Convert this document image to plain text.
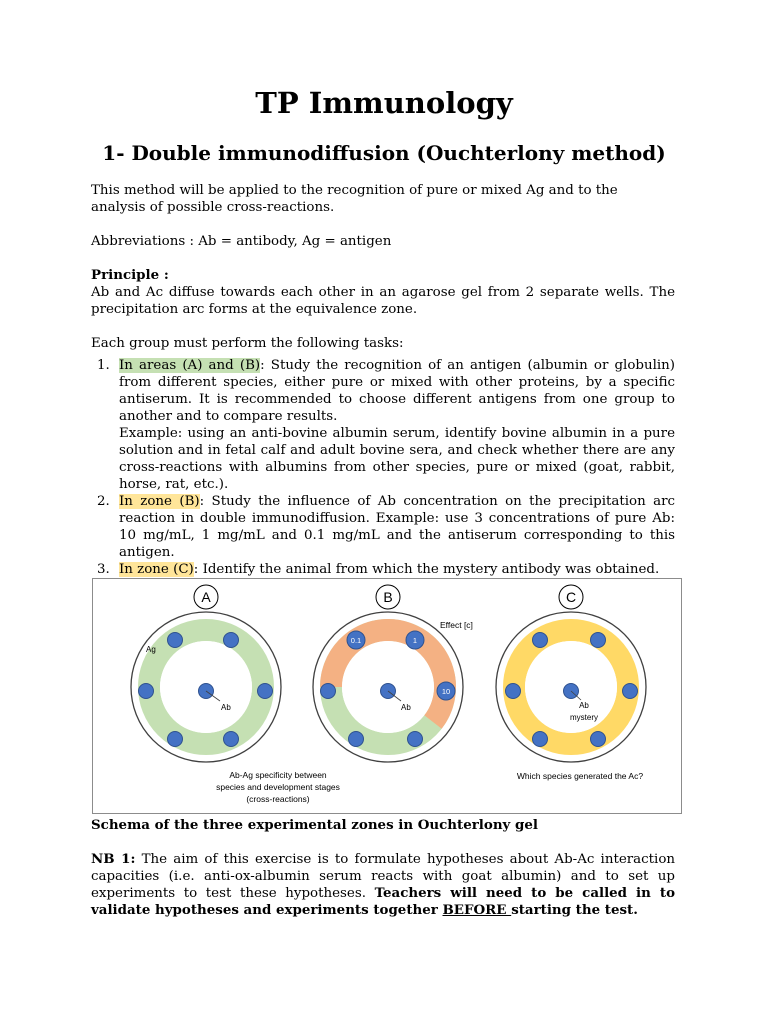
TP Immunology
1- Double immunodiffusion (Ouchterlony method)

This method will be applied to the recognition of pure or mixed Ag and to the analysis of possible cross-reactions.

Abbreviations : Ab = antibody, Ag = antigen

Principle :

Ab and Ac diffuse towards each other in an agarose gel from 2 separate wells. The precipitation arc forms at the equivalence zone.

Each group must perform the following tasks:

1. In areas (A) and (B): Study the recognition of an antigen (albumin or globulin) from different species, either pure or mixed with other proteins, by a specific antiserum. It is recommended to choose different antigens from one group to another and to compare results.
Example: using an anti-bovine albumin serum, identify bovine albumin in a pure solution and in fetal calf and adult bovine sera, and check whether there are any cross-reactions with albumins from other species, pure or mixed (goat, rabbit, horse, rat, etc.).
2. In zone (B): Study the influence of Ab concentration on the precipitation arc reaction in double immunodiffusion. Example: use 3 concentrations of pure Ab: 10 mg/mL, 1 mg/mL and 0.1 mg/mL and the antiserum corresponding to this antigen.
3. In zone (C): Identify the animal from which the mystery antibody was obtained.
A
Ab
Ag
Ab-Ag specificity between
species and development stages
(cross-reactions)
B
0.1	1
10
Ab
Effect [c]
C
Ab
mystery
Which species generated the Ac?

Schema of the three experimental zones in Ouchterlony gel

NB 1: The aim of this exercise is to formulate hypotheses about Ab-Ac interaction capacities (i.e. anti-ox-albumin serum reacts with goat albumin) and to set up experiments to test these hypotheses. Teachers will need to be called in to validate hypotheses and experiments together BEFORE starting the test.
